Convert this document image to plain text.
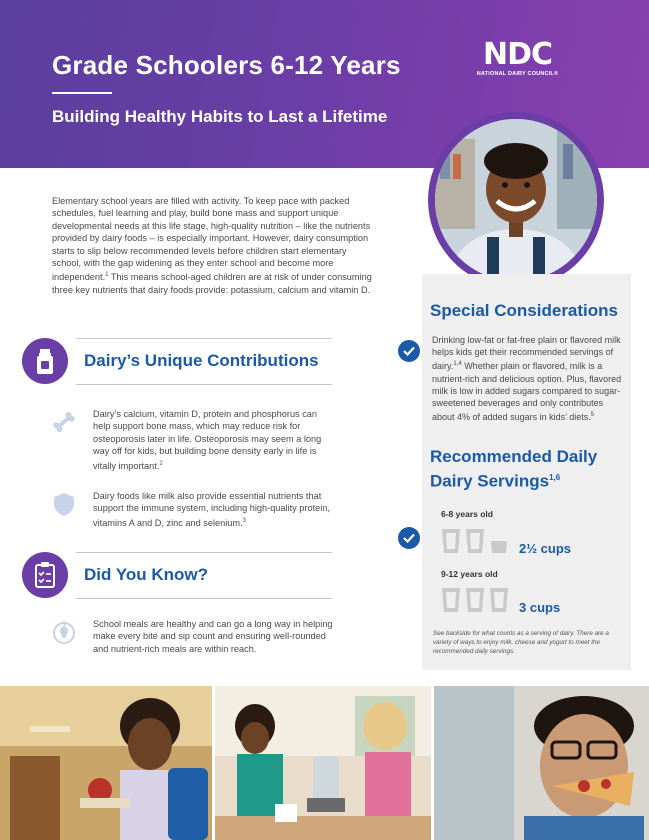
Grade Schoolers 6-12 Years
Building Healthy Habits to Last a Lifetime
NDC
NATIONAL DAIRY COUNCIL®

Elementary school years are filled with activity. To keep pace with packed schedules, fuel learning and play, build bone mass and support unique developmental needs at this life stage, high-quality nutrition – like the nutrients provided by dairy foods – is especially important. However, dairy consumption starts to slip below recommended levels before children start elementary school, with the gap widening as they enter school and become more independent.$^1$ This means school-aged children are at risk of under consuming three key nutrients that dairy foods provide: potassium, calcium and vitamin D.

Dairy’s Unique Contributions

Dairy’s calcium, vitamin D, protein and phosphorus can help support bone mass, which may reduce risk for osteoporosis later in life. Osteoporosis may seem a long way off for kids, but building bone density early in life is vitally important.$^2$

Dairy foods like milk also provide essential nutrients that support the immune system, including high-quality protein, vitamins A and D, zinc and selenium.$^3$

Did You Know?

School meals are healthy and can go a long way in helping make every bite and sip count and ensuring well-rounded and nutrient-rich meals are within reach.

Special Considerations

Drinking low-fat or fat-free plain or flavored milk helps kids get their recommended servings of dairy.$^{1,4}$ Whether plain or flavored, milk is a nutrient-rich and delicious option. Plus, flavored milk is low in added sugars compared to sugar-sweetened beverages and only contributes about 4% of added sugars in kids’ diets.$^5$

Recommended Daily
Dairy Servings$^{1,6}$
6-8 years old
2½ cups
9-12 years old
3 cups

See backside for what counts as a serving of dairy. There are a variety of ways to enjoy milk, cheese and yogurt to meet the recommended daily servings.
